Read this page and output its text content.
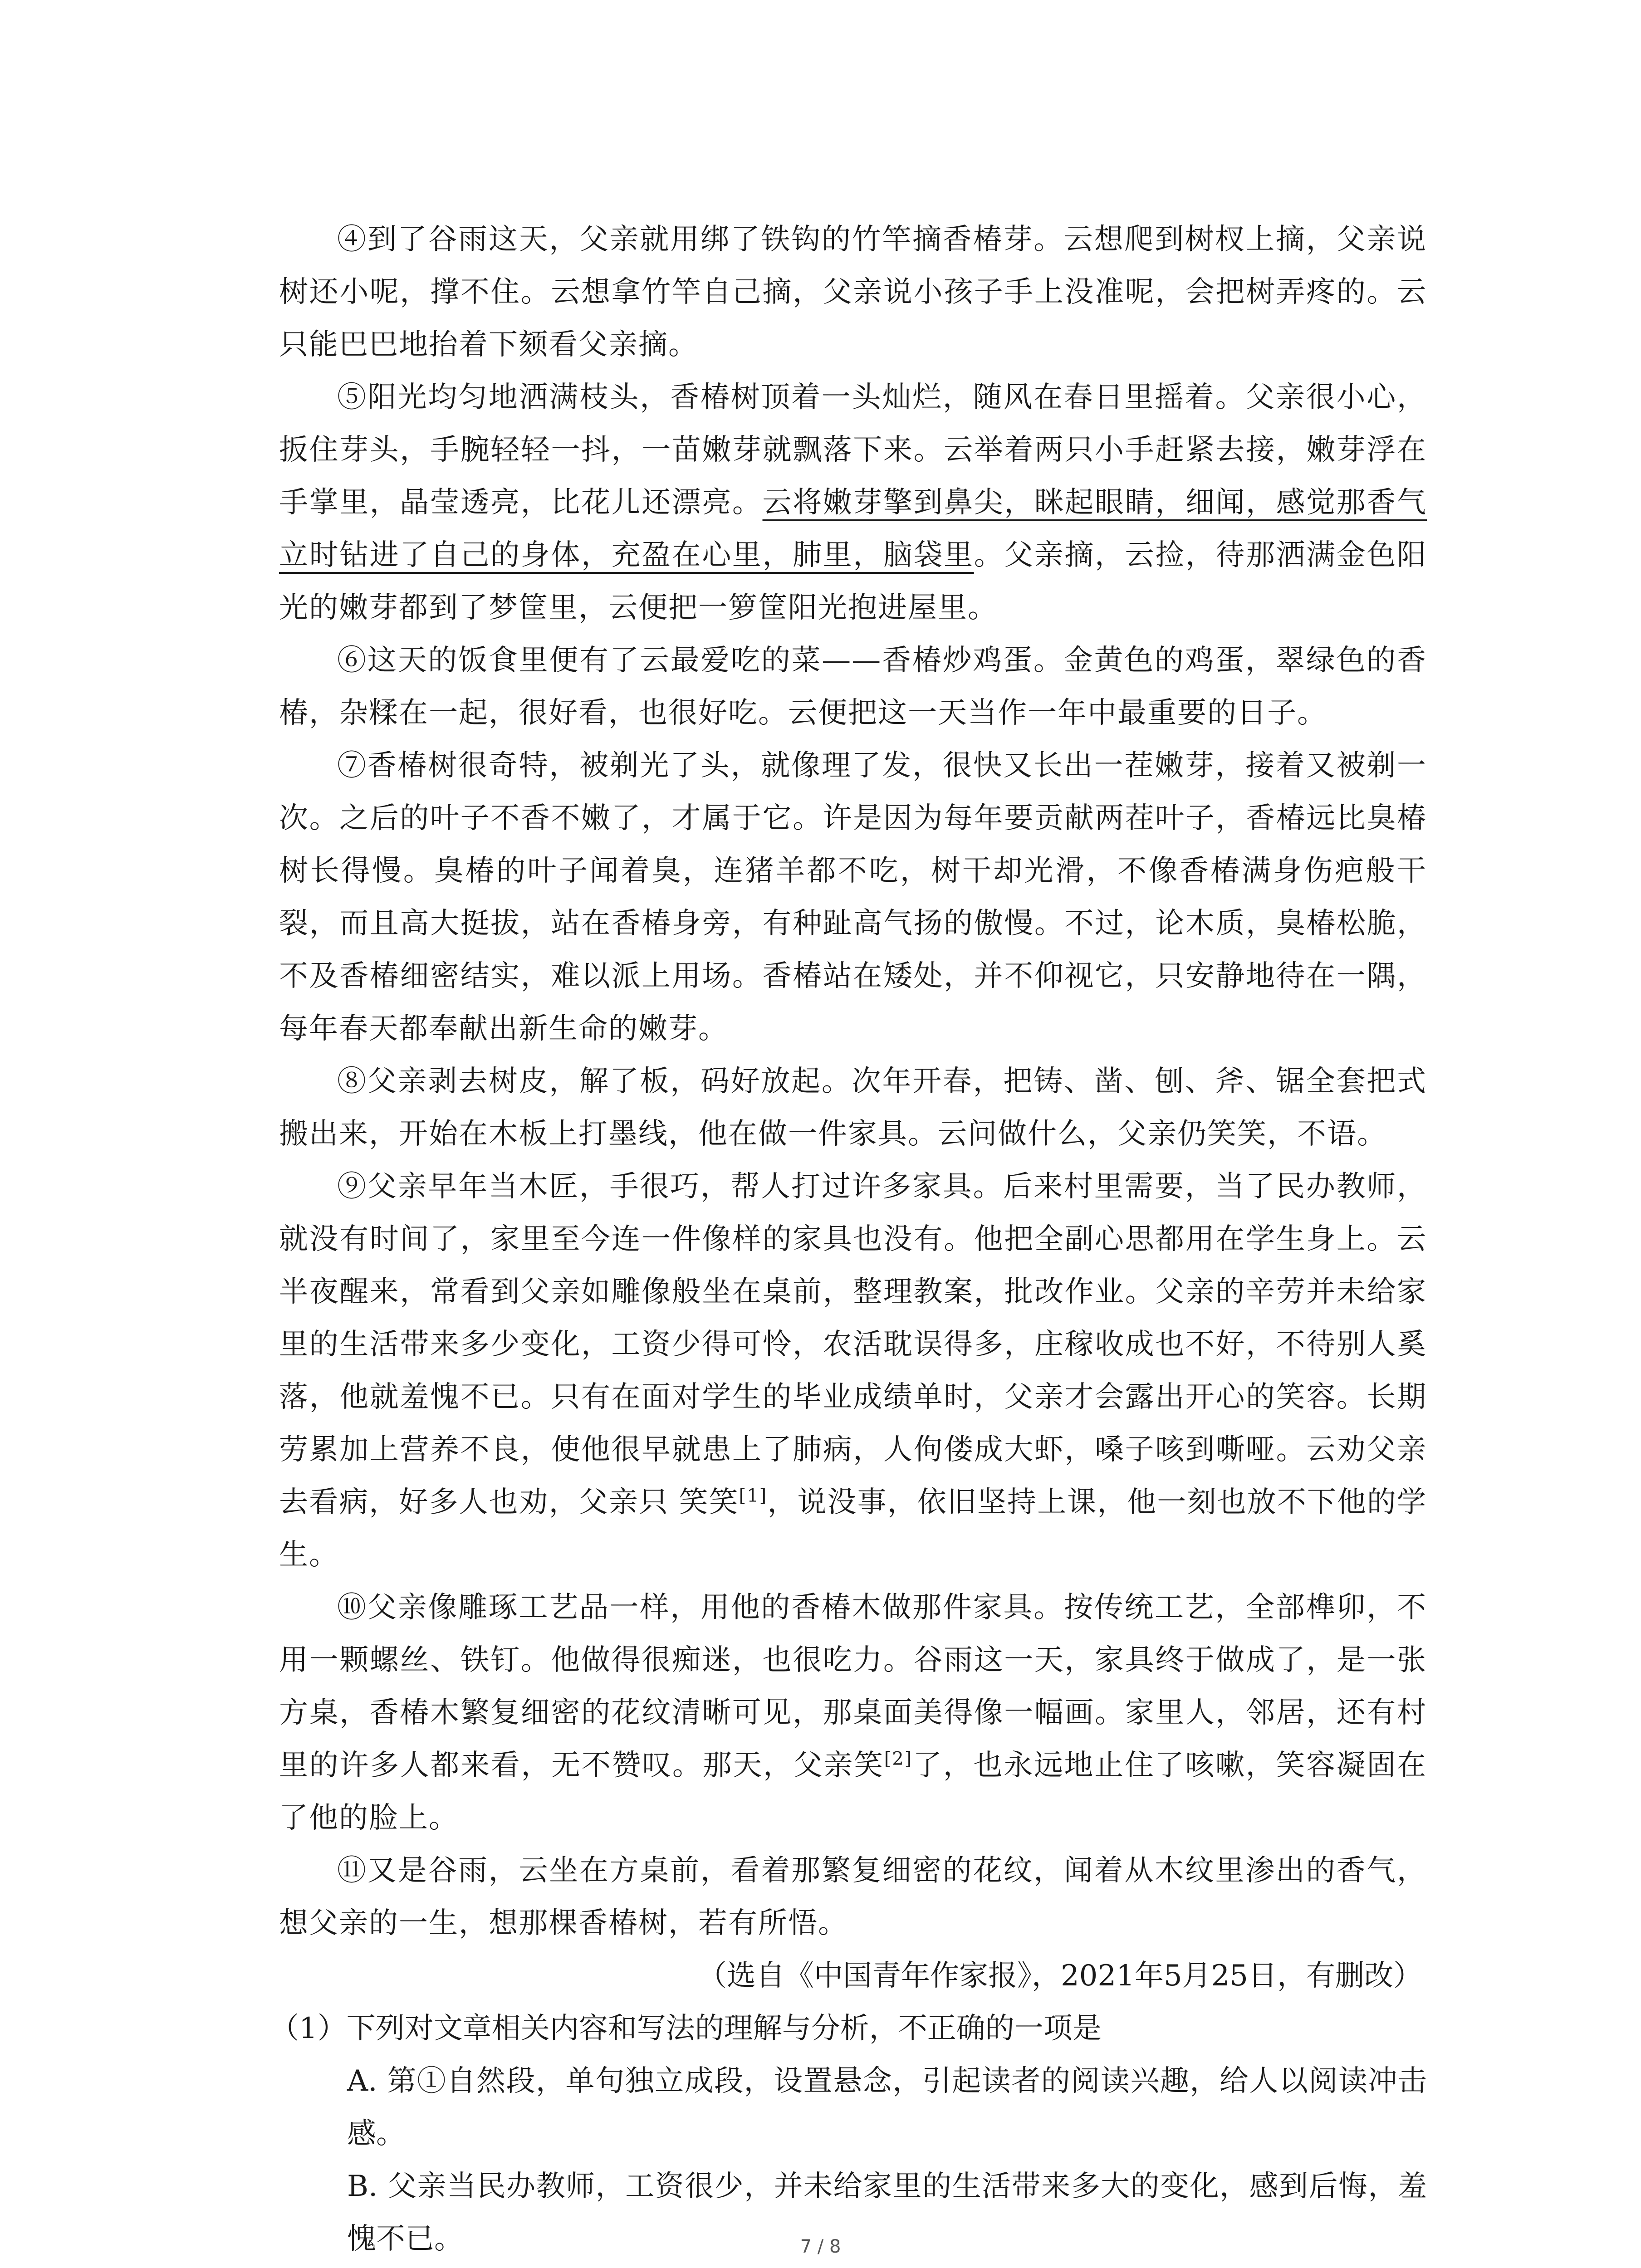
④到了谷雨这天，父亲就用绑了铁钩的竹竿摘香椿芽。云想爬到树杈上摘，父亲说树还小呢，撑不住。云想拿竹竿自己摘，父亲说小孩子手上没准呢，会把树弄疼的。云只能巴巴地抬着下颏看父亲摘。

⑤阳光均匀地洒满枝头，香椿树顶着一头灿烂，随风在春日里摇着。父亲很小心，扳住芽头，手腕轻轻一抖，一苗嫩芽就飘落下来。云举着两只小手赶紧去接，嫩芽浮在手掌里，晶莹透亮，比花儿还漂亮。云将嫩芽擎到鼻尖，眯起眼睛，细闻，感觉那香气立时钻进了自己的身体，充盈在心里，肺里，脑袋里。父亲摘，云捡，待那洒满金色阳光的嫩芽都到了梦筐里，云便把一箩筐阳光抱进屋里。

⑥这天的饭食里便有了云最爱吃的菜——香椿炒鸡蛋。金黄色的鸡蛋，翠绿色的香椿，杂糅在一起，很好看，也很好吃。云便把这一天当作一年中最重要的日子。

⑦香椿树很奇特，被剃光了头，就像理了发，很快又长出一茬嫩芽，接着又被剃一次。之后的叶子不香不嫩了，才属于它。许是因为每年要贡献两茬叶子，香椿远比臭椿树长得慢。臭椿的叶子闻着臭，连猪羊都不吃，树干却光滑，不像香椿满身伤疤般干裂，而且高大挺拔，站在香椿身旁，有种趾高气扬的傲慢。不过，论木质，臭椿松脆，不及香椿细密结实，难以派上用场。香椿站在矮处，并不仰视它，只安静地待在一隅，每年春天都奉献出新生命的嫩芽。

⑧父亲剥去树皮，解了板，码好放起。次年开春，把铸、凿、刨、斧、锯全套把式搬出来，开始在木板上打墨线，他在做一件家具。云问做什么，父亲仍笑笑，不语。

⑨父亲早年当木匠，手很巧，帮人打过许多家具。后来村里需要，当了民办教师，就没有时间了，家里至今连一件像样的家具也没有。他把全副心思都用在学生身上。云半夜醒来，常看到父亲如雕像般坐在桌前，整理教案，批改作业。父亲的辛劳并未给家里的生活带来多少变化，工资少得可怜，农活耽误得多，庄稼收成也不好，不待别人奚落，他就羞愧不已。只有在面对学生的毕业成绩单时，父亲才会露出开心的笑容。长期劳累加上营养不良，使他很早就患上了肺病，人佝偻成大虾，嗓子咳到嘶哑。云劝父亲去看病，好多人也劝，父亲只 笑笑[1]，说没事，依旧坚持上课，他一刻也放不下他的学生。

⑩父亲像雕琢工艺品一样，用他的香椿木做那件家具。按传统工艺，全部榫卯，不用一颗螺丝、铁钉。他做得很痴迷，也很吃力。谷雨这一天，家具终于做成了，是一张方桌，香椿木繁复细密的花纹清晰可见，那桌面美得像一幅画。家里人，邻居，还有村里的许多人都来看，无不赞叹。那天，父亲笑[2]了，也永远地止住了咳嗽，笑容凝固在了他的脸上。

⑪又是谷雨，云坐在方桌前，看着那繁复细密的花纹，闻着从木纹里渗出的香气，想父亲的一生，想那棵香椿树，若有所悟。

（选自《中国青年作家报》，2021年5月25日，有删改）

（1）下列对文章相关内容和写法的理解与分析，不正确的一项是

A. 第①自然段，单句独立成段，设置悬念，引起读者的阅读兴趣，给人以阅读冲击感。

B. 父亲当民办教师，工资很少，并未给家里的生活带来多大的变化，感到后悔，羞愧不已。	7 / 8
